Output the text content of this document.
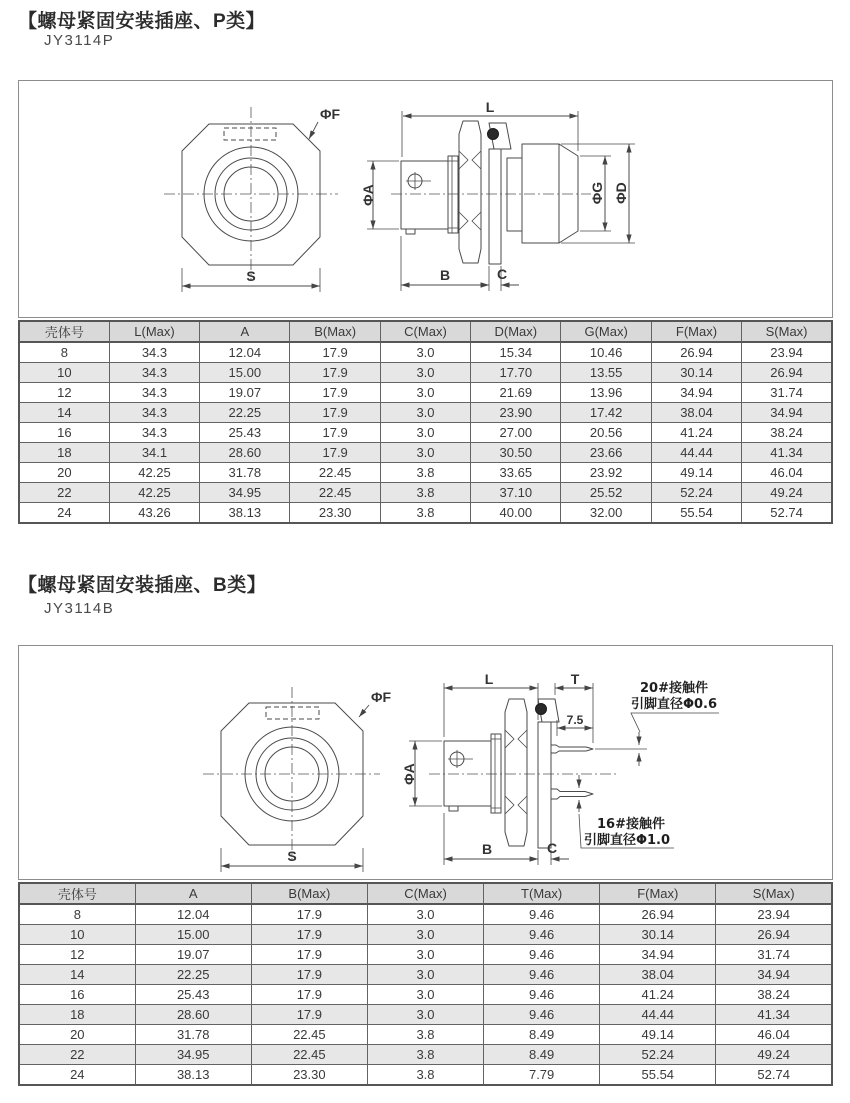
【螺母紧固安装插座、P类】
JY3114P
ΦF
S
L
ΦA	ΦG ΦD
B	C
壳体号	L(Max)	A	B(Max)	C(Max)	D(Max)	G(Max)	F(Max)	S(Max)
8	34.3	12.04	17.9	3.0	15.34	10.46	26.94	23.94
10	34.3	15.00	17.9	3.0	17.70	13.55	30.14	26.94
12	34.3	19.07	17.9	3.0	21.69	13.96	34.94	31.74
14	34.3	22.25	17.9	3.0	23.90	17.42	38.04	34.94
16	34.3	25.43	17.9	3.0	27.00	20.56	41.24	38.24
18	34.1	28.60	17.9	3.0	30.50	23.66	44.44	41.34
20	42.25	31.78	22.45	3.8	33.65	23.92	49.14	46.04
22	42.25	34.95	22.45	3.8	37.10	25.52	52.24	49.24
24	43.26	38.13	23.30	3.8	40.00	32.00	55.54	52.74
【螺母紧固安装插座、B类】
JY3114B
ΦF
S
L	T
7.5
ΦA
20#接触件
引脚直径Φ0.6
16#接触件
引脚直径Φ1.0
B	C
壳体号	A	B(Max)	C(Max)	T(Max)	F(Max)	S(Max)
8	12.04	17.9	3.0	9.46	26.94	23.94
10	15.00	17.9	3.0	9.46	30.14	26.94
12	19.07	17.9	3.0	9.46	34.94	31.74
14	22.25	17.9	3.0	9.46	38.04	34.94
16	25.43	17.9	3.0	9.46	41.24	38.24
18	28.60	17.9	3.0	9.46	44.44	41.34
20	31.78	22.45	3.8	8.49	49.14	46.04
22	34.95	22.45	3.8	8.49	52.24	49.24
24	38.13	23.30	3.8	7.79	55.54	52.74
